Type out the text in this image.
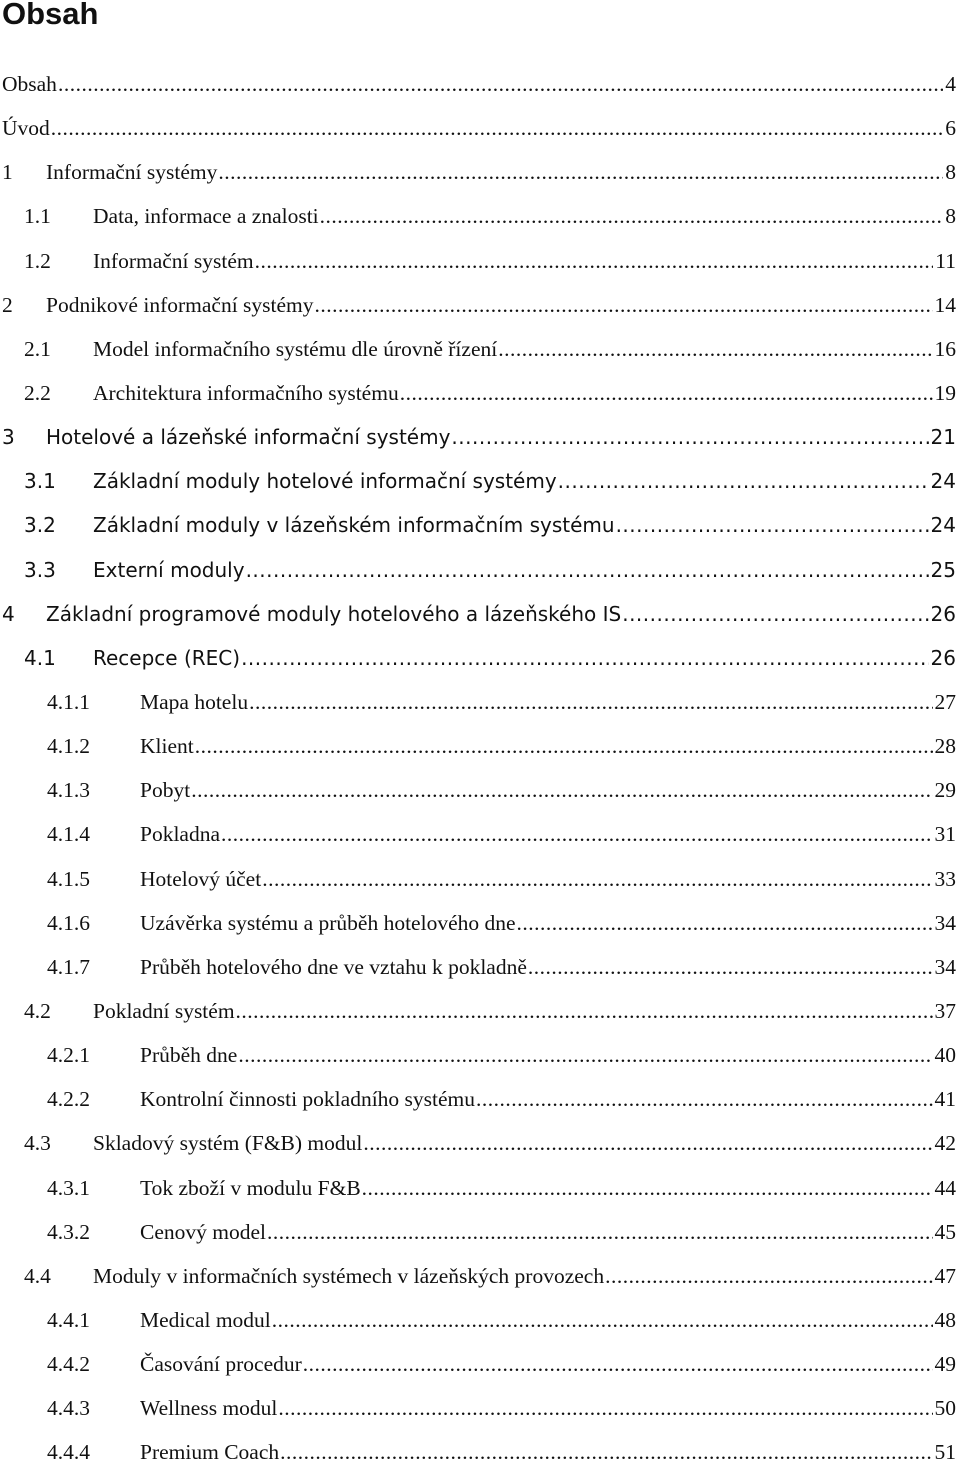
Obsah
Obsah .....	4
Úvod .....	6
1 Informační systémy .....	8
1.1 Data, informace a znalosti .....	8
1.2 Informační systém .....	11
2 Podnikové informační systémy .....	14
2.1 Model informačního systému dle úrovně řízení .....	16
2.2 Architektura informačního systému .....	19
3 Hotelové a lázeňské informační systémy .....	21
3.1 Základní moduly hotelové informační systémy .....	24
3.2 Základní moduly v lázeňském informačním systému .....	24
3.3 Externí moduly .....	25
4 Základní programové moduly hotelového a lázeňského IS .....	26
4.1 Recepce (REC) .....	26
4.1.1 Mapa hotelu .....	27
4.1.2 Klient .....	28
4.1.3 Pobyt .....	29
4.1.4 Pokladna .....	31
4.1.5 Hotelový účet .....	33
4.1.6 Uzávěrka systému a průběh hotelového dne .....	34
4.1.7 Průběh hotelového dne ve vztahu k pokladně .....	34
4.2 Pokladní systém .....	37
4.2.1 Průběh dne .....	40
4.2.2 Kontrolní činnosti pokladního systému .....	41
4.3 Skladový systém (F&B) modul .....	42
4.3.1 Tok zboží v modulu F&B .....	44
4.3.2 Cenový model .....	45
4.4 Moduly v informačních systémech v lázeňských provozech .....	47
4.4.1 Medical modul .....	48
4.4.2 Časování procedur .....	49
4.4.3 Wellness modul .....	50
4.4.4 Premium Coach .....	51
